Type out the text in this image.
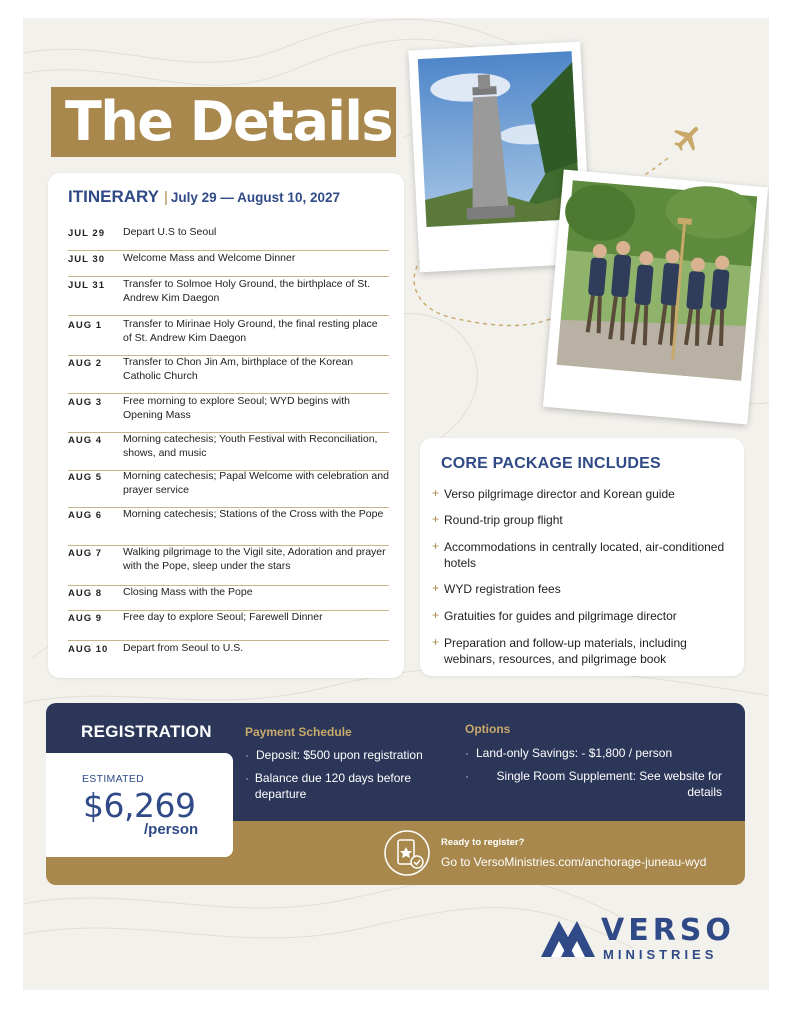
The Details
ITINERARY | July 29 — August 10, 2027
JUL 29	Depart U.S to Seoul
JUL 30	Welcome Mass and Welcome Dinner
JUL 31	Transfer to Solmoe Holy Ground, the birthplace of St. Andrew Kim Daegon
AUG 1	Transfer to Mirinae Holy Ground, the final resting place of St. Andrew Kim Daegon
AUG 2	Transfer to Chon Jin Am, birthplace of the Korean Catholic Church
AUG 3	Free morning to explore Seoul; WYD begins with Opening Mass
AUG 4	Morning catechesis; Youth Festival with Reconciliation, shows, and music
AUG 5	Morning catechesis; Papal Welcome with celebration and prayer service
AUG 6	Morning catechesis; Stations of the Cross with the Pope
AUG 7	Walking pilgrimage to the Vigil site, Adoration and prayer with the Pope, sleep under the stars
AUG 8	Closing Mass with the Pope
AUG 9	Free day to explore Seoul; Farewell Dinner
AUG 10	Depart from Seoul to U.S.
CORE PACKAGE INCLUDES
+ Verso pilgrimage director and Korean guide
+ Round-trip group flight
+ Accommodations in centrally located, air-conditioned hotels
+ WYD registration fees
+ Gratuities for guides and pilgrimage director
+ Preparation and follow-up materials, including webinars, resources, and pilgrimage book
REGISTRATION
ESTIMATED
$6,269
/person
Payment Schedule
· Deposit: $500 upon registration
· Balance due 120 days before departure
Options
· Land-only Savings: - $1,800 / person
·	Single Room Supplement: See website for details
Ready to register?
Go to VersoMinistries.com/anchorage-juneau-wyd
VERSO
MINISTRIES
